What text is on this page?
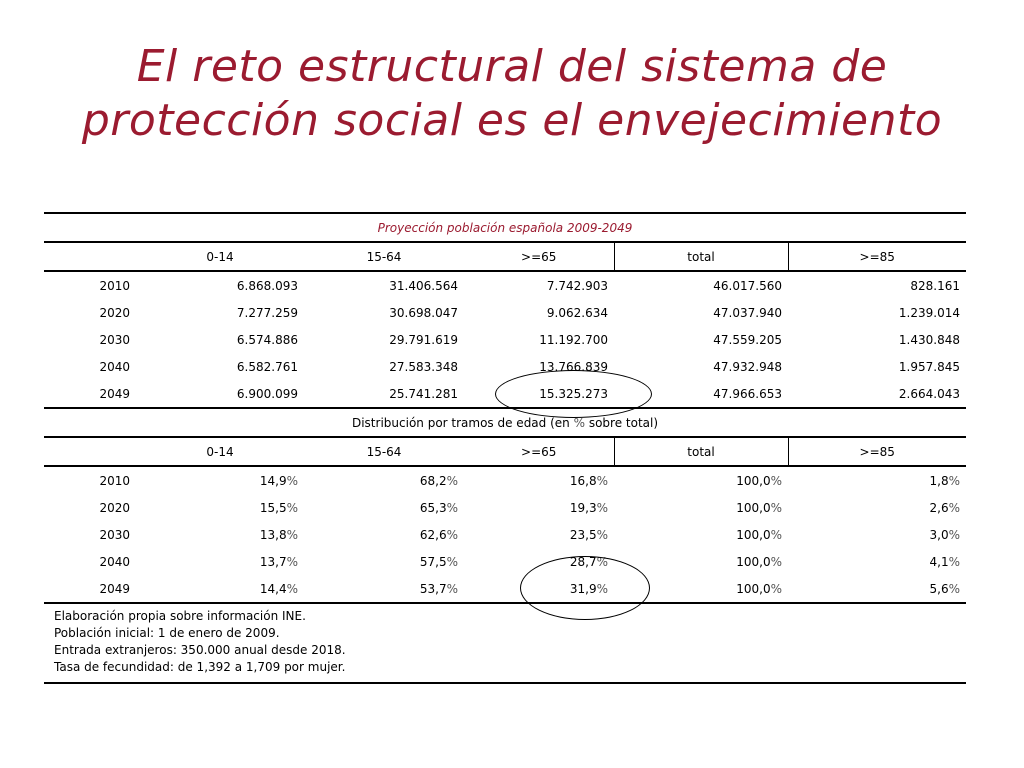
El reto estructural del sistema de
protección social es el envejecimiento
Proyección población española 2009-2049					
	0-14	15-64	>=65	total	>=85
2010	6.868.093	31.406.564	7.742.903	46.017.560	828.161
2020	7.277.259	30.698.047	9.062.634	47.037.940	1.239.014
2030	6.574.886	29.791.619	11.192.700	47.559.205	1.430.848
2040	6.582.761	27.583.348	13.766.839	47.932.948	1.957.845
2049	6.900.099	25.741.281	15.325.273	47.966.653	2.664.043
Distribución por tramos de edad (en % sobre total)					
	0-14	15-64	>=65	total	>=85
2010	14,9%	68,2%	16,8%	100,0%	1,8%
2020	15,5%	65,3%	19,3%	100,0%	2,6%
2030	13,8%	62,6%	23,5%	100,0%	3,0%
2040	13,7%	57,5%	28,7%	100,0%	4,1%
2049	14,4%	53,7%	31,9%	100,0%	5,6%

Elaboración propia sobre información INE.
Población inicial: 1 de enero de 2009.
Entrada extranjeros: 350.000 anual desde 2018.
Tasa de fecundidad: de 1,392 a 1,709 por mujer.					
